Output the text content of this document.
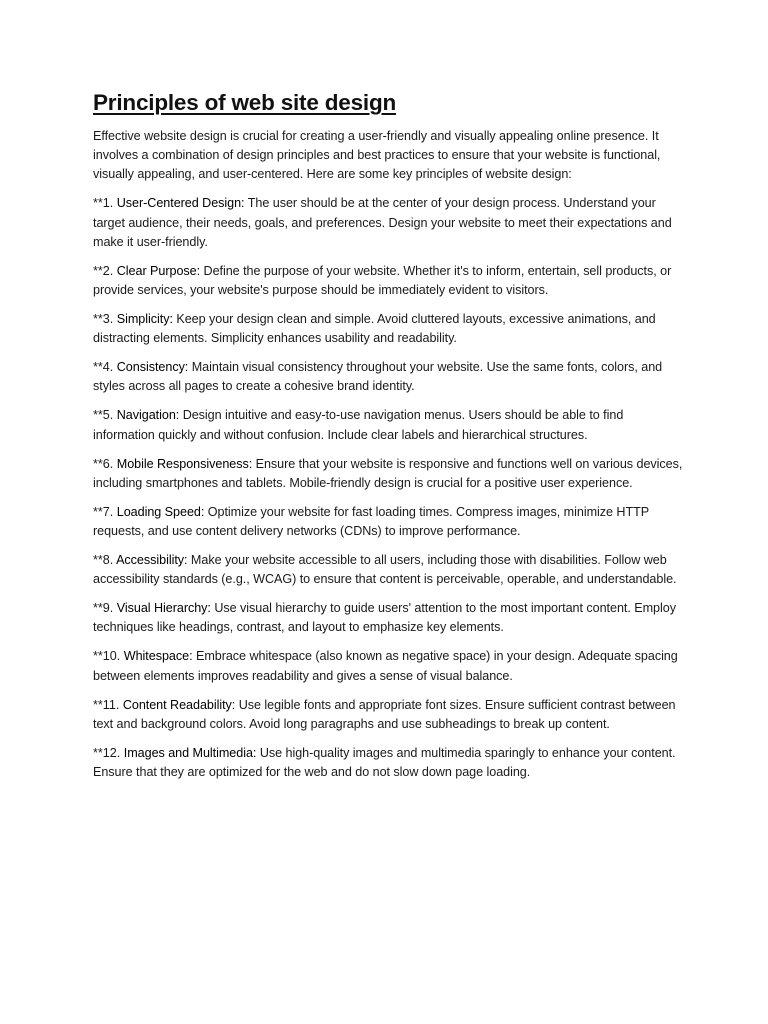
Principles of web site design

Effective website design is crucial for creating a user-friendly and visually appealing online presence. It involves a combination of design principles and best practices to ensure that your website is functional, visually appealing, and user-centered. Here are some key principles of website design:

**1. User-Centered Design: The user should be at the center of your design process. Understand your target audience, their needs, goals, and preferences. Design your website to meet their expectations and make it user-friendly.

**2. Clear Purpose: Define the purpose of your website. Whether it's to inform, entertain, sell products, or provide services, your website's purpose should be immediately evident to visitors.

**3. Simplicity: Keep your design clean and simple. Avoid cluttered layouts, excessive animations, and distracting elements. Simplicity enhances usability and readability.

**4. Consistency: Maintain visual consistency throughout your website. Use the same fonts, colors, and styles across all pages to create a cohesive brand identity.

**5. Navigation: Design intuitive and easy-to-use navigation menus. Users should be able to find information quickly and without confusion. Include clear labels and hierarchical structures.

**6. Mobile Responsiveness: Ensure that your website is responsive and functions well on various devices, including smartphones and tablets. Mobile-friendly design is crucial for a positive user experience.

**7. Loading Speed: Optimize your website for fast loading times. Compress images, minimize HTTP requests, and use content delivery networks (CDNs) to improve performance.

**8. Accessibility: Make your website accessible to all users, including those with disabilities. Follow web accessibility standards (e.g., WCAG) to ensure that content is perceivable, operable, and understandable.

**9. Visual Hierarchy: Use visual hierarchy to guide users' attention to the most important content. Employ techniques like headings, contrast, and layout to emphasize key elements.

**10. Whitespace: Embrace whitespace (also known as negative space) in your design. Adequate spacing between elements improves readability and gives a sense of visual balance.

**11. Content Readability: Use legible fonts and appropriate font sizes. Ensure sufficient contrast between text and background colors. Avoid long paragraphs and use subheadings to break up content.

**12. Images and Multimedia: Use high-quality images and multimedia sparingly to enhance your content. Ensure that they are optimized for the web and do not slow down page loading.
